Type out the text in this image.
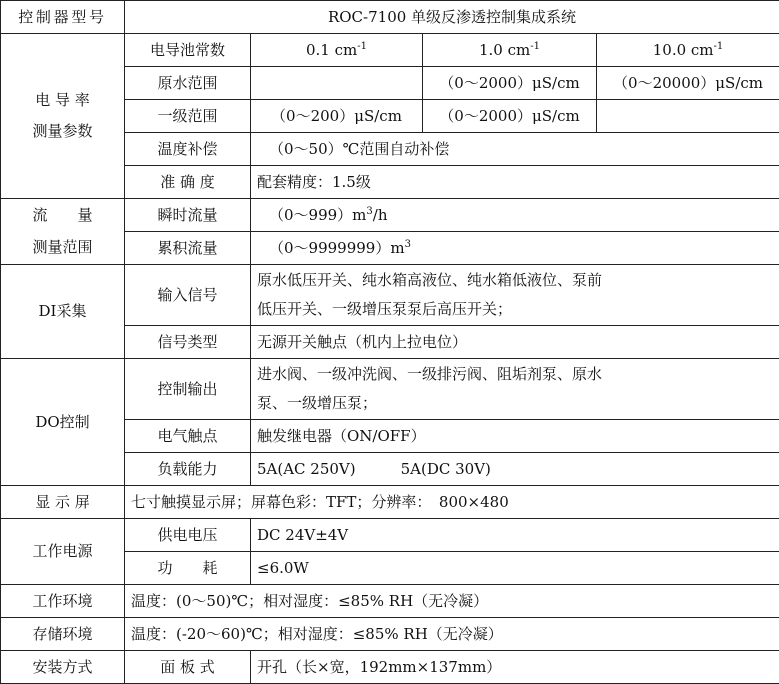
控制器型号	ROC-7100 单级反渗透控制集成系统			

电 导 率
测量参数	电导池常数	0.1 $cm^{-1}$	1.0 $cm^{-1}$	10.0 $cm^{-1}$
	原水范围		（0～2000）μS/cm	（0～20000）μS/cm
	一级范围	（0～200）μS/cm	（0～2000）μS/cm	
	温度补偿	（0～50）℃范围自动补偿		
	准 确 度	配套精度：1.5级		

流　　量
测量范围	瞬时流量	$(0\sim 999)m^3/h$		
	累积流量	$(0\sim 9999999)m^3$
DI采集	输入信号	原水低压开关、纯水箱高液位、纯水箱低液位、泵前
低压开关、一级增压泵泵后高压开关；		

	信号类型	无源开关触点（机内上拉电位）		
DO控制	控制输出	进水阀、一级冲洗阀、一级排污阀、阻垢剂泵、原水
泵、一级增压泵；		

	电气触点	触发继电器（ON/OFF）		
	负载能力	5A(AC 250V)　　　5A(DC 30V)		
显 示 屏	七寸触摸显示屏；屏幕色彩：TFT；分辨率：　800×480			
工作电源	供电电压	DC 24V±4V		
	功　　耗	≤6.0W		
工作环境	温度：(0～50)℃；相对湿度：≤85% RH（无冷凝）			
存储环境	温度：(-20～60)℃；相对湿度：≤85% RH（无冷凝）			
安装方式	面 板 式	开孔（长×宽，192mm×137mm）		
